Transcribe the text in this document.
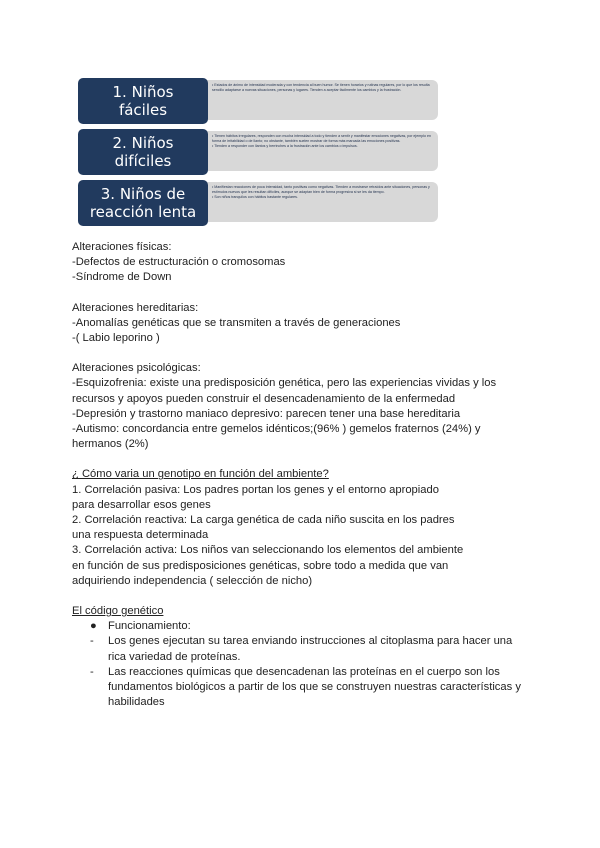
1. Niños
fáciles

• Estados de ánimo de intensidad moderada y con tendencia al buen humor. Se tienen horarios y rutinas regulares, por lo que los resulta sencillo adaptarse a nuevas situaciones, personas y lugares. Tienden a aceptar fácilmente los cambios y la frustración.

2. Niños
difíciles

• Tienen hábitos irregulares, responden con mucha intensidad a todo y tienden a sentir y manifestar emociones negativas, por ejemplo en forma de irritabilidad o de llanto; no obstante, también suelen mostrar de forma más marcada las emociones positivas.

• Tienden a responder con llantos y berrinches a la frustración ante los cambios o impulsos.

3. Niños de
reacción lenta

• Manifiestan reacciones de poca intensidad, tanto positivas como negativas. Tienden a mostrarse retraídos ante situaciones, personas y estímulos nuevos que les resultan difíciles, aunque se adaptan bien de forma progresiva si se les da tiempo.

• Son niños tranquilos con hábitos bastante regulares.

Alteraciones físicas:

-Defectos de estructuración o cromosomas

-Síndrome de Down

Alteraciones hereditarias:

-Anomalías genéticas que se transmiten a través de generaciones

-( Labio leporino )

Alteraciones psicológicas:

-Esquizofrenia: existe una predisposición genética, pero las experiencias vividas y los recursos y apoyos pueden construir el desencadenamiento de la enfermedad

-Depresión y trastorno maniaco depresivo: parecen tener una base hereditaria

-Autismo: concordancia entre gemelos idénticos;(96% ) gemelos fraternos (24%) y hermanos (2%)

¿ Cómo varia un genotipo en función del ambiente?

1. Correlación pasiva: Los padres portan los genes y el entorno apropiado

para desarrollar esos genes

2. Correlación reactiva: La carga genética de cada niño suscita en los padres

una respuesta determinada

3. Correlación activa: Los niños van seleccionando los elementos del ambiente

en función de sus predisposiciones genéticas, sobre todo a medida que van

adquiriendo independencia ( selección de nicho)

El código genético

● Funcionamiento:
- Los genes ejecutan su tarea enviando instrucciones al citoplasma para hacer una rica variedad de proteínas.
- Las reacciones químicas que desencadenan las proteínas en el cuerpo son los fundamentos biológicos a partir de los que se construyen nuestras características y habilidades
